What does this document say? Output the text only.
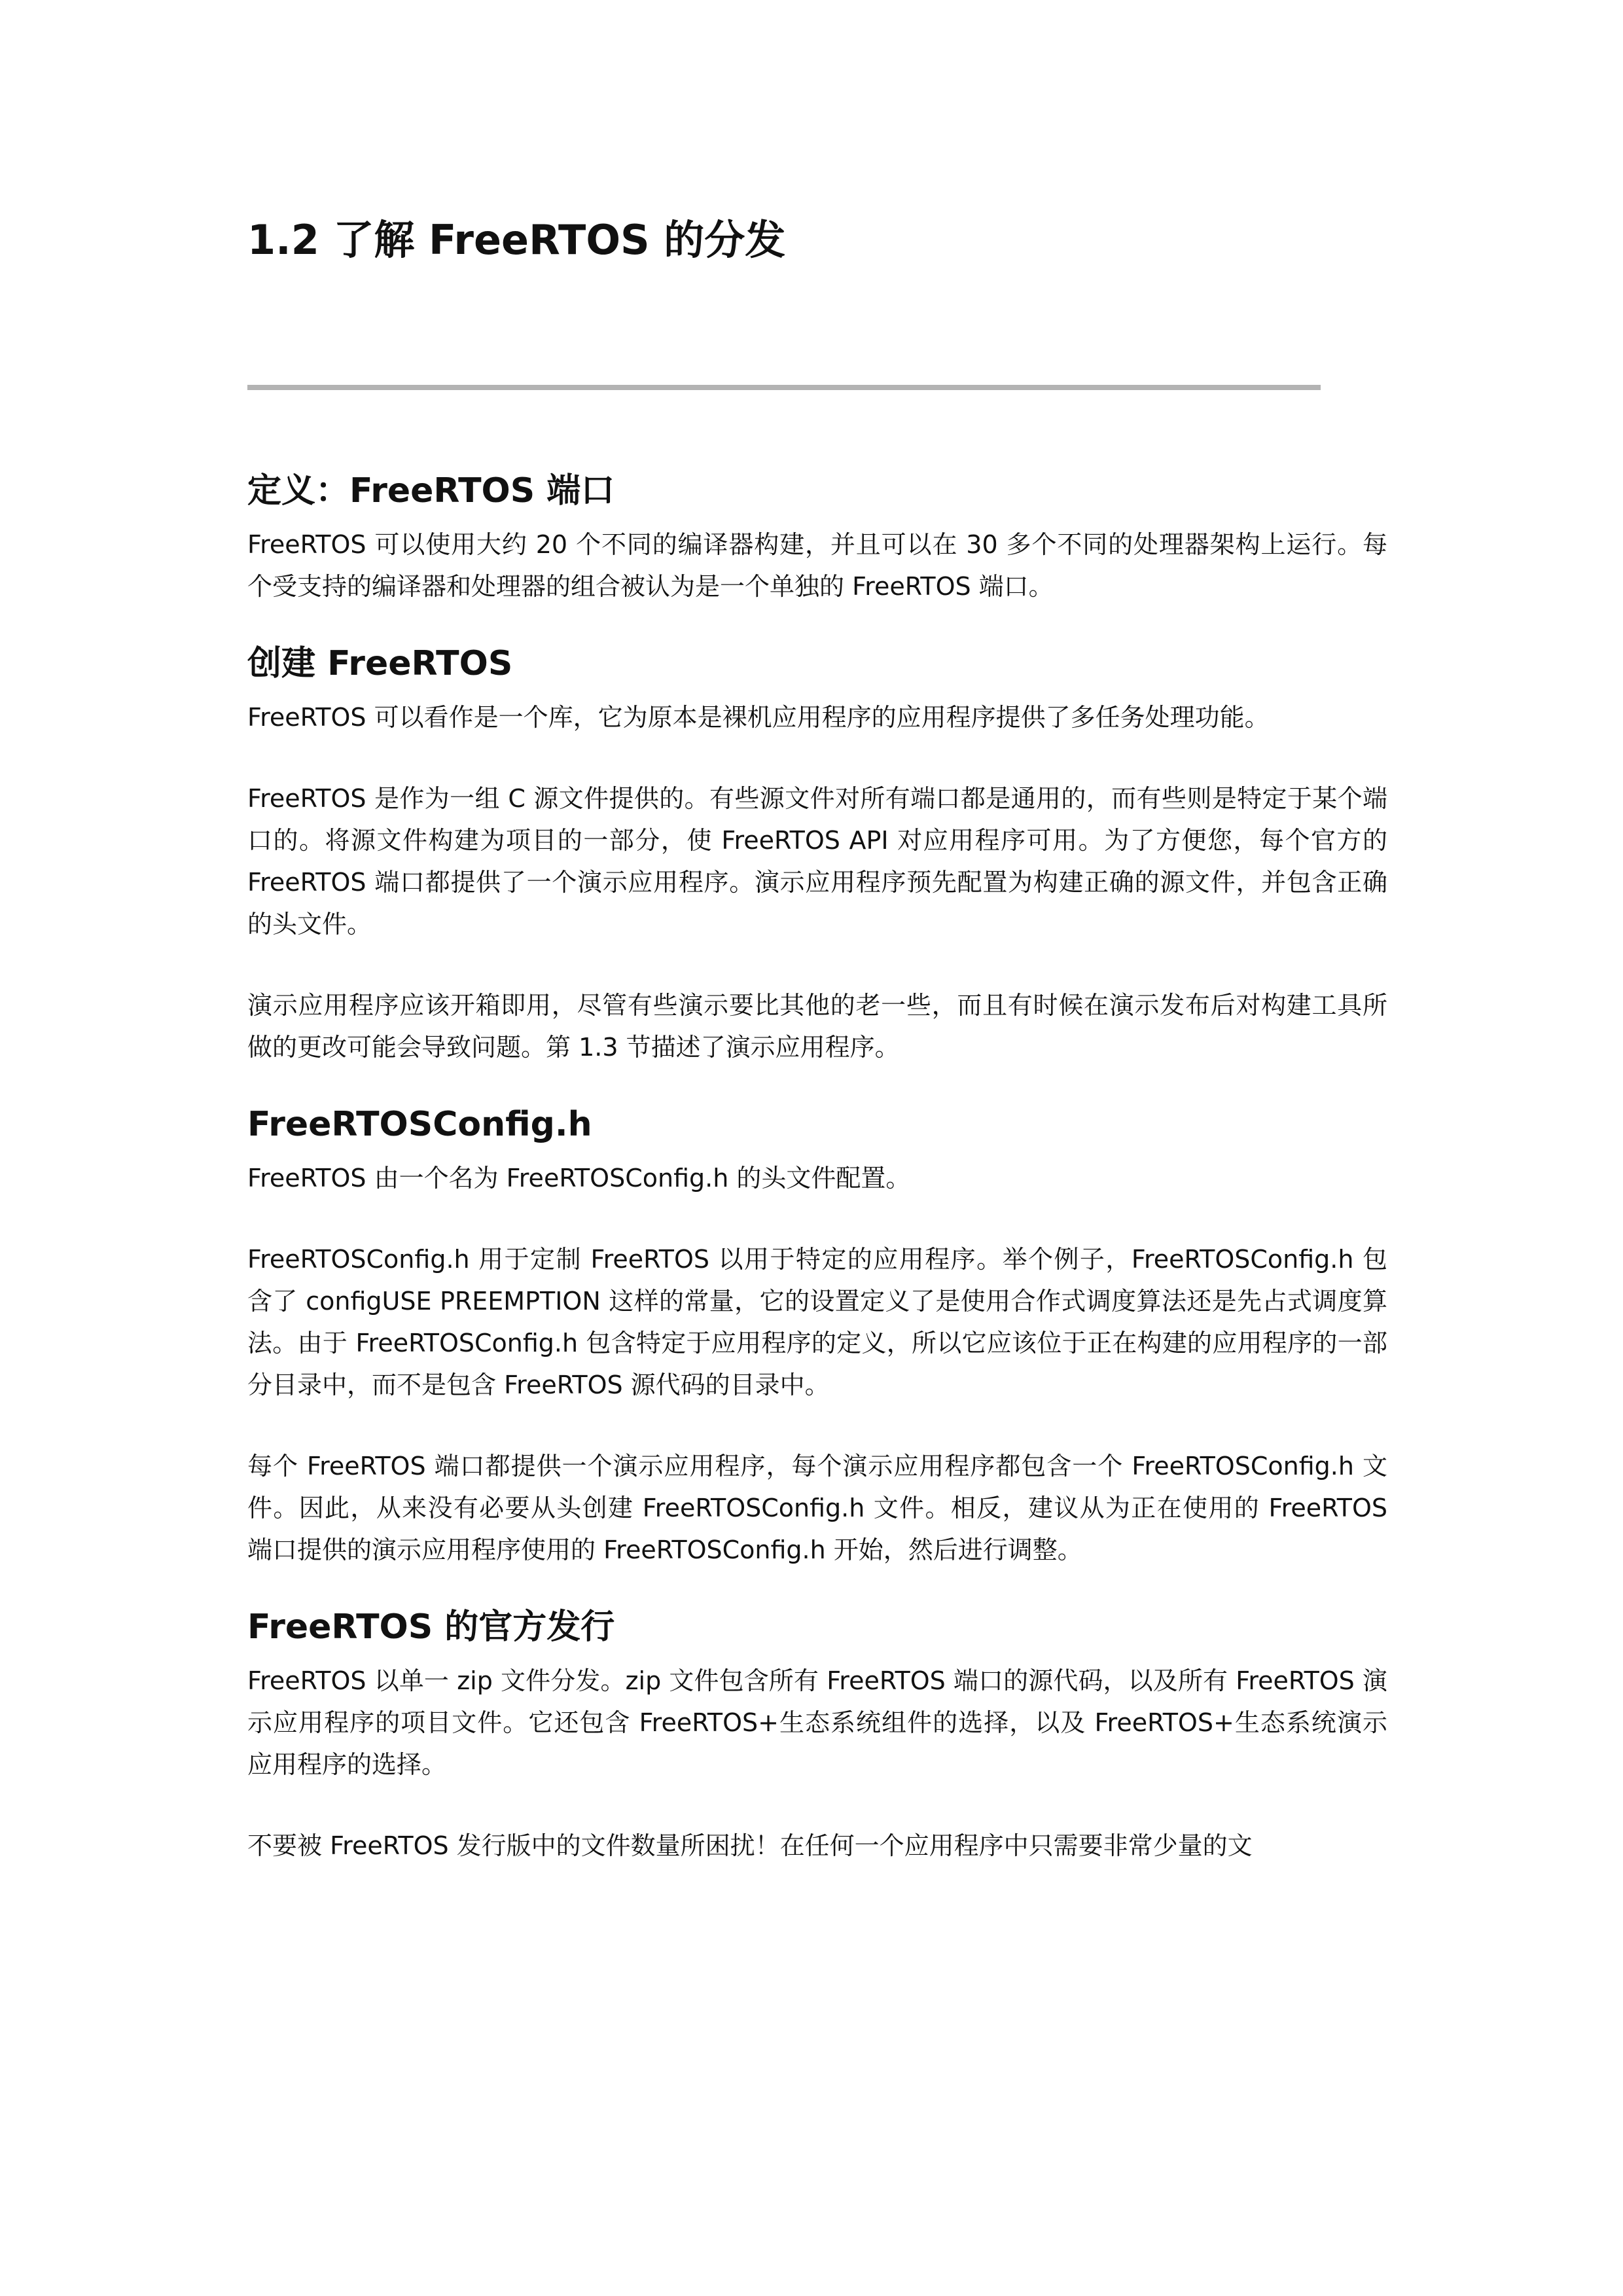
1.2 了解 FreeRTOS 的分发
定义：FreeRTOS 端口

FreeRTOS 可以使用大约 20 个不同的编译器构建，并且可以在 30 多个不同的处理器架构上运行。每个受支持的编译器和处理器的组合被认为是一个单独的 FreeRTOS 端口。

创建 FreeRTOS

FreeRTOS 可以看作是一个库，它为原本是裸机应用程序的应用程序提供了多任务处理功能。

FreeRTOS 是作为一组 C 源文件提供的。有些源文件对所有端口都是通用的，而有些则是特定于某个端口的。将源文件构建为项目的一部分，使 FreeRTOS API 对应用程序可用。为了方便您，每个官方的 FreeRTOS 端口都提供了一个演示应用程序。演示应用程序预先配置为构建正确的源文件，并包含正确的头文件。

演示应用程序应该开箱即用，尽管有些演示要比其他的老一些，而且有时候在演示发布后对构建工具所做的更改可能会导致问题。第 1.3 节描述了演示应用程序。

FreeRTOSConfig.h

FreeRTOS 由一个名为 FreeRTOSConfig.h 的头文件配置。

FreeRTOSConfig.h 用于定制 FreeRTOS 以用于特定的应用程序。举个例子，FreeRTOSConfig.h 包含了 configUSE PREEMPTION 这样的常量，它的设置定义了是使用合作式调度算法还是先占式调度算法。由于 FreeRTOSConfig.h 包含特定于应用程序的定义，所以它应该位于正在构建的应用程序的一部分目录中，而不是包含 FreeRTOS 源代码的目录中。

每个 FreeRTOS 端口都提供一个演示应用程序，每个演示应用程序都包含一个 FreeRTOSConfig.h 文件。因此，从来没有必要从头创建 FreeRTOSConfig.h 文件。相反，建议从为正在使用的 FreeRTOS 端口提供的演示应用程序使用的 FreeRTOSConfig.h 开始，然后进行调整。

FreeRTOS 的官方发行

FreeRTOS 以单一 zip 文件分发。zip 文件包含所有 FreeRTOS 端口的源代码，以及所有 FreeRTOS 演示应用程序的项目文件。它还包含 FreeRTOS+生态系统组件的选择，以及 FreeRTOS+生态系统演示应用程序的选择。

不要被 FreeRTOS 发行版中的文件数量所困扰！在任何一个应用程序中只需要非常少量的文
